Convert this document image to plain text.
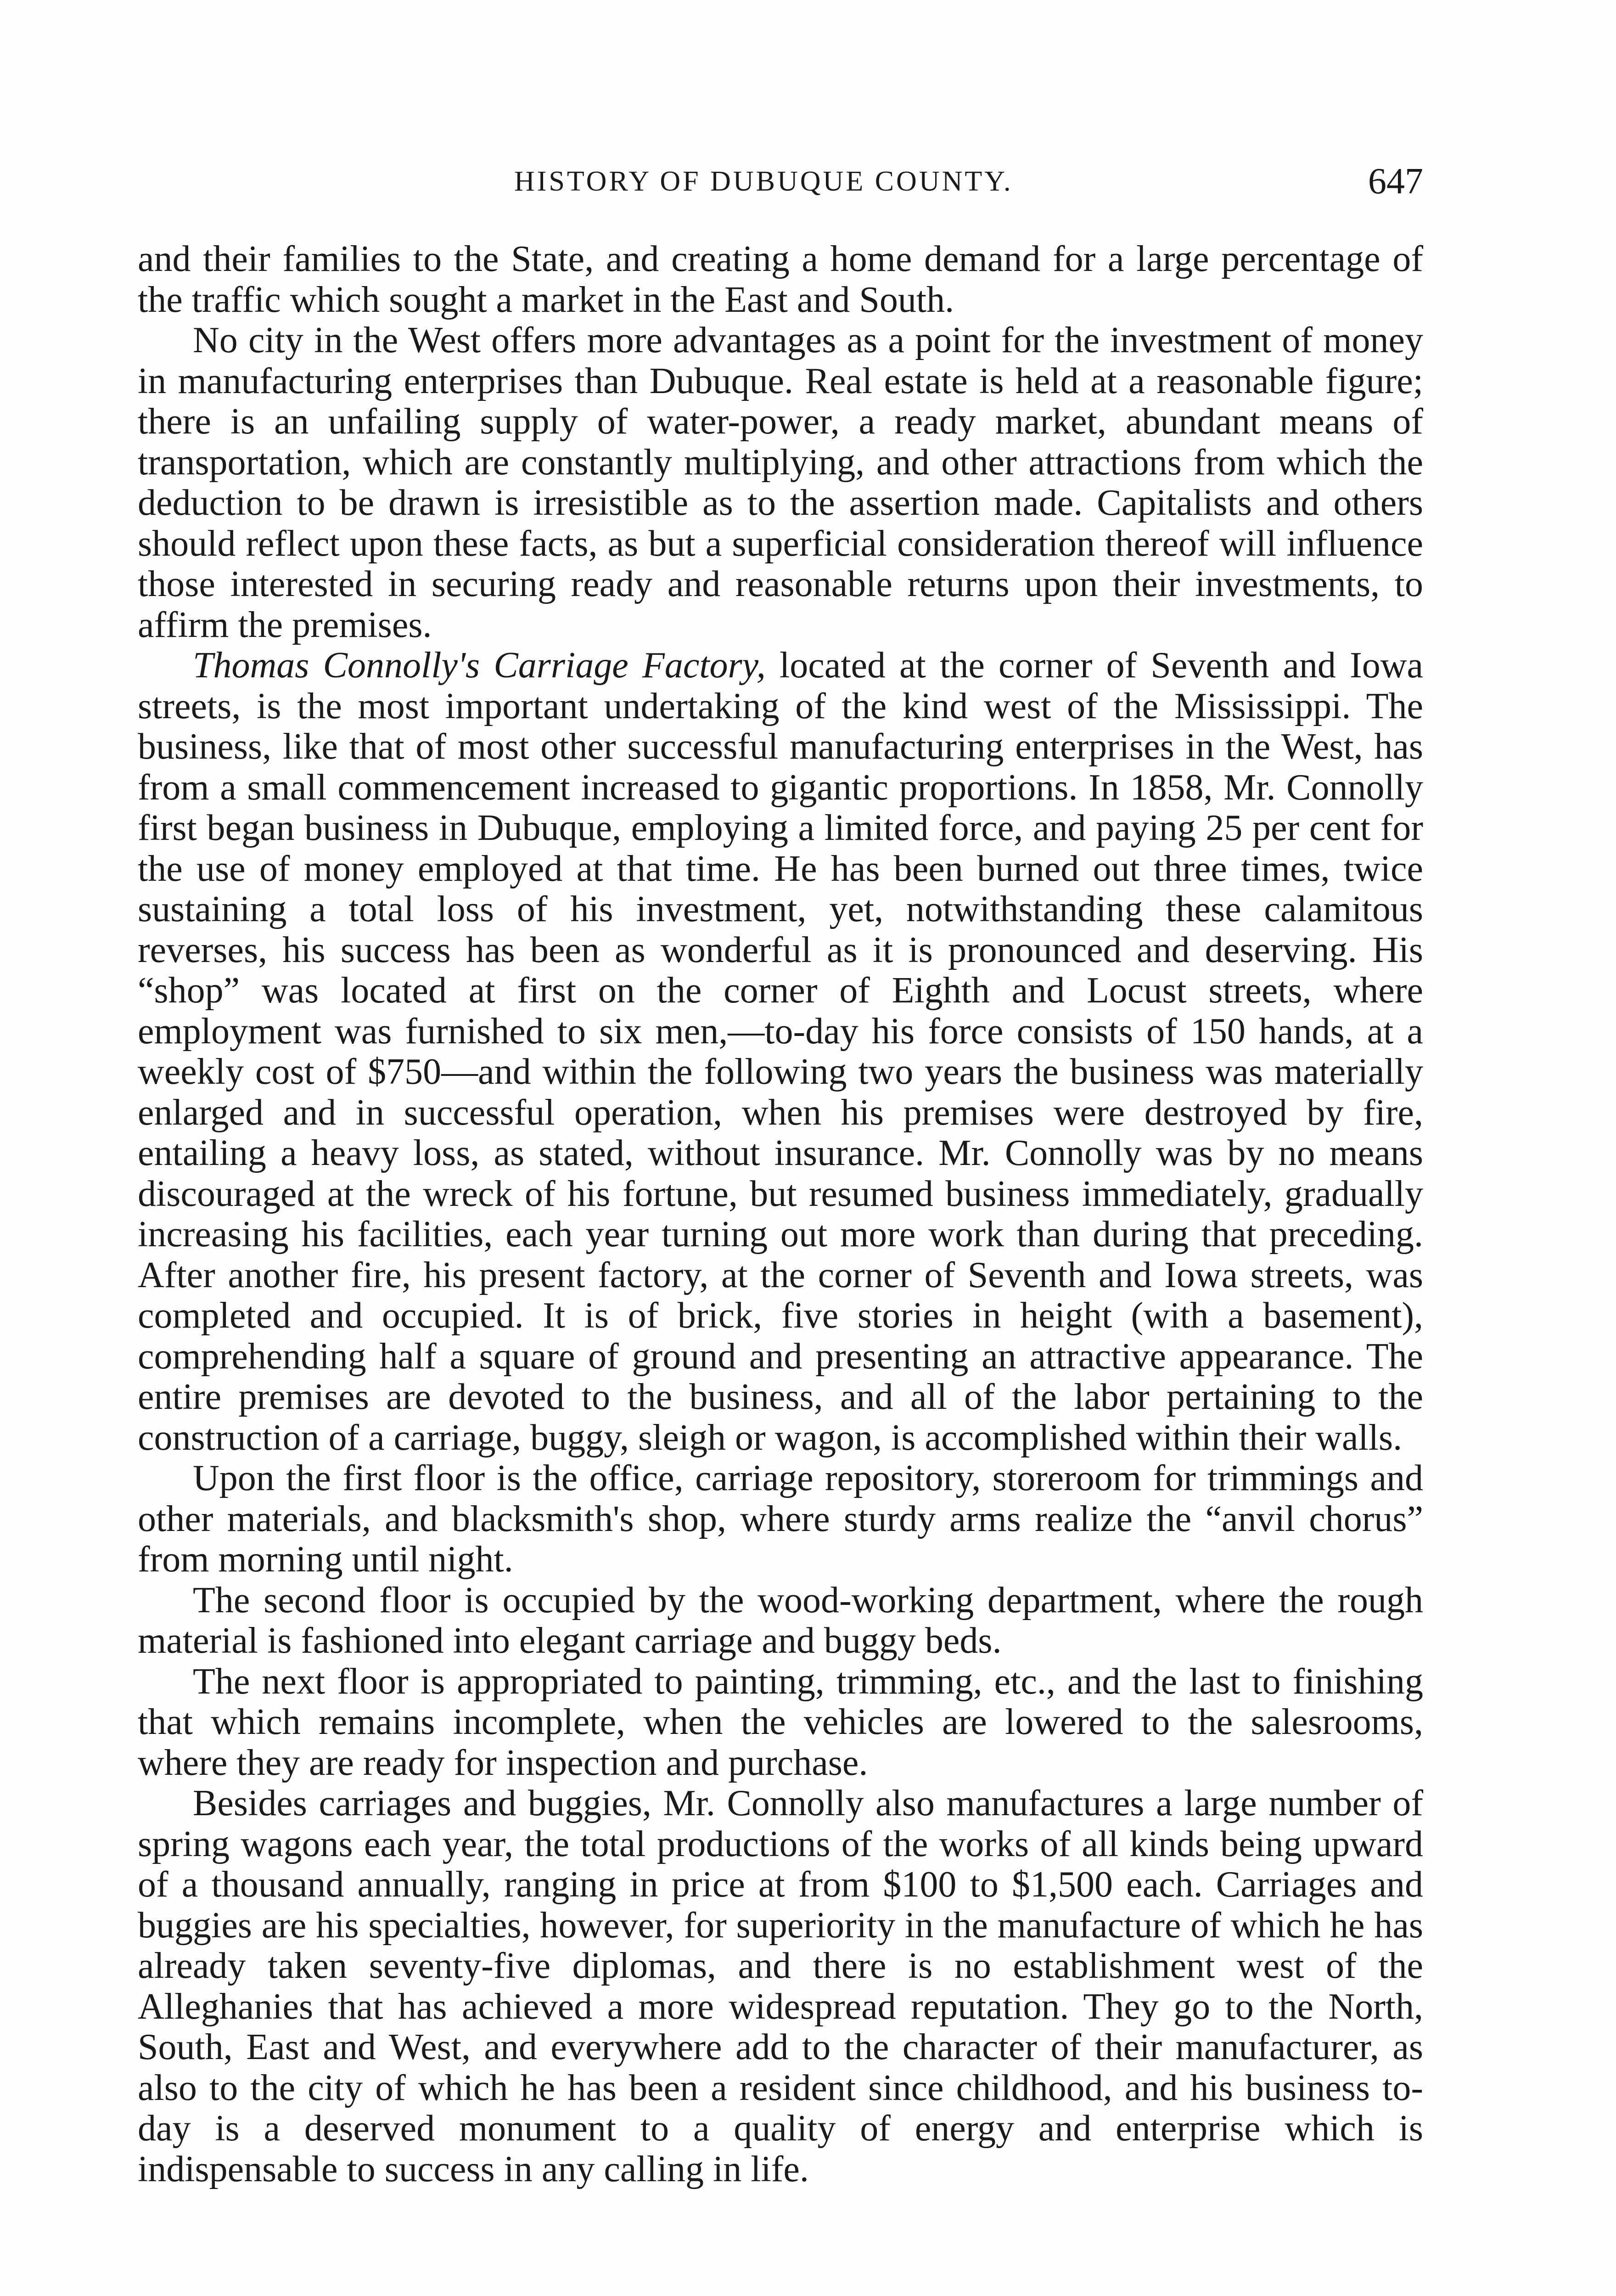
HISTORY OF DUBUQUE COUNTY.	647

and their families to the State, and creating a home demand for a large percentage of the traffic which sought a market in the East and South.

No city in the West offers more advantages as a point for the investment of money in manufacturing enterprises than Dubuque. Real estate is held at a reasonable figure; there is an unfailing supply of water-power, a ready market, abundant means of transportation, which are constantly multiplying, and other attractions from which the deduction to be drawn is irresistible as to the assertion made. Capitalists and others should reflect upon these facts, as but a superficial consideration thereof will influence those interested in securing ready and reasonable returns upon their investments, to affirm the premises.

Thomas Connolly's Carriage Factory, located at the corner of Seventh and Iowa streets, is the most important undertaking of the kind west of the Mississippi. The business, like that of most other successful manufacturing enterprises in the West, has from a small commencement increased to gigantic proportions. In 1858, Mr. Connolly first began business in Dubuque, employing a limited force, and paying 25 per cent for the use of money employed at that time. He has been burned out three times, twice sustaining a total loss of his investment, yet, notwithstanding these calamitous reverses, his success has been as wonderful as it is pronounced and deserving. His “shop” was located at first on the corner of Eighth and Locust streets, where employment was furnished to six men,—to-day his force consists of 150 hands, at a weekly cost of $750—and within the following two years the business was materially enlarged and in successful operation, when his premises were destroyed by fire, entailing a heavy loss, as stated, without insurance. Mr. Connolly was by no means discouraged at the wreck of his fortune, but resumed business immediately, gradually increasing his facilities, each year turning out more work than during that preceding. After another fire, his present factory, at the corner of Seventh and Iowa streets, was completed and occupied. It is of brick, five stories in height (with a basement), comprehending half a square of ground and presenting an attractive appearance. The entire premises are devoted to the business, and all of the labor pertaining to the construction of a carriage, buggy, sleigh or wagon, is accomplished within their walls.

Upon the first floor is the office, carriage repository, storeroom for trimmings and other materials, and blacksmith's shop, where sturdy arms realize the “anvil chorus” from morning until night.

The second floor is occupied by the wood-working department, where the rough material is fashioned into elegant carriage and buggy beds.

The next floor is appropriated to painting, trimming, etc., and the last to finishing that which remains incomplete, when the vehicles are lowered to the salesrooms, where they are ready for inspection and purchase.

Besides carriages and buggies, Mr. Connolly also manufactures a large number of spring wagons each year, the total productions of the works of all kinds being upward of a thousand annually, ranging in price at from $100 to $1,500 each. Carriages and buggies are his specialties, however, for superiority in the manufacture of which he has already taken seventy-five diplomas, and there is no establishment west of the Alleghanies that has achieved a more widespread reputation. They go to the North, South, East and West, and everywhere add to the character of their manufacturer, as also to the city of which he has been a resident since childhood, and his business to-day is a deserved monument to a quality of energy and enterprise which is indispensable to success in any calling in life.
